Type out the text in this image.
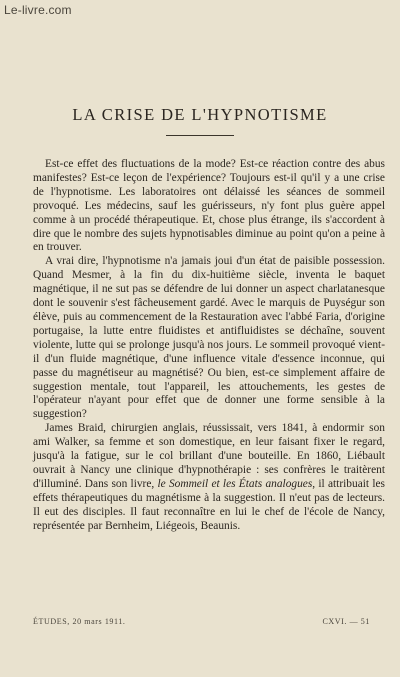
Le-livre.com
LA CRISE DE L'HYPNOTISME

Est-ce effet des fluctuations de la mode? Est-ce réaction contre des abus manifestes? Est-ce leçon de l'expérience? Toujours est-il qu'il y a une crise de l'hypnotisme. Les laboratoires ont délaissé les séances de sommeil provoqué. Les médecins, sauf les guérisseurs, n'y font plus guère appel comme à un procédé thérapeutique. Et, chose plus étrange, ils s'accordent à dire que le nombre des sujets hypnotisables diminue au point qu'on a peine à en trouver.

A vrai dire, l'hypnotisme n'a jamais joui d'un état de paisible possession. Quand Mesmer, à la fin du dix-huitième siècle, inventa le baquet magnétique, il ne sut pas se défendre de lui donner un aspect charlatanesque dont le souvenir s'est fâcheusement gardé. Avec le marquis de Puységur son élève, puis au commencement de la Restauration avec l'abbé Faria, d'origine portugaise, la lutte entre fluidistes et antifluidistes se déchaîne, souvent violente, lutte qui se prolonge jusqu'à nos jours. Le sommeil provoqué vient-il d'un fluide magnétique, d'une influence vitale d'essence inconnue, qui passe du magnétiseur au magnétisé? Ou bien, est-ce simplement affaire de suggestion mentale, tout l'appareil, les attouchements, les gestes de l'opérateur n'ayant pour effet que de donner une forme sensible à la suggestion?

James Braid, chirurgien anglais, réussissait, vers 1841, à endormir son ami Walker, sa femme et son domestique, en leur faisant fixer le regard, jusqu'à la fatigue, sur le col brillant d'une bouteille. En 1860, Liébault ouvrait à Nancy une clinique d'hypnothérapie : ses confrères le traitèrent d'illuminé. Dans son livre, le Sommeil et les États analogues, il attribuait les effets thérapeutiques du magnétisme à la suggestion. Il n'eut pas de lecteurs. Il eut des disciples. Il faut reconnaître en lui le chef de l'école de Nancy, représentée par Bernheim, Liégeois, Beaunis.

ÉTUDES, 20 mars 1911.	CXVI. — 51
